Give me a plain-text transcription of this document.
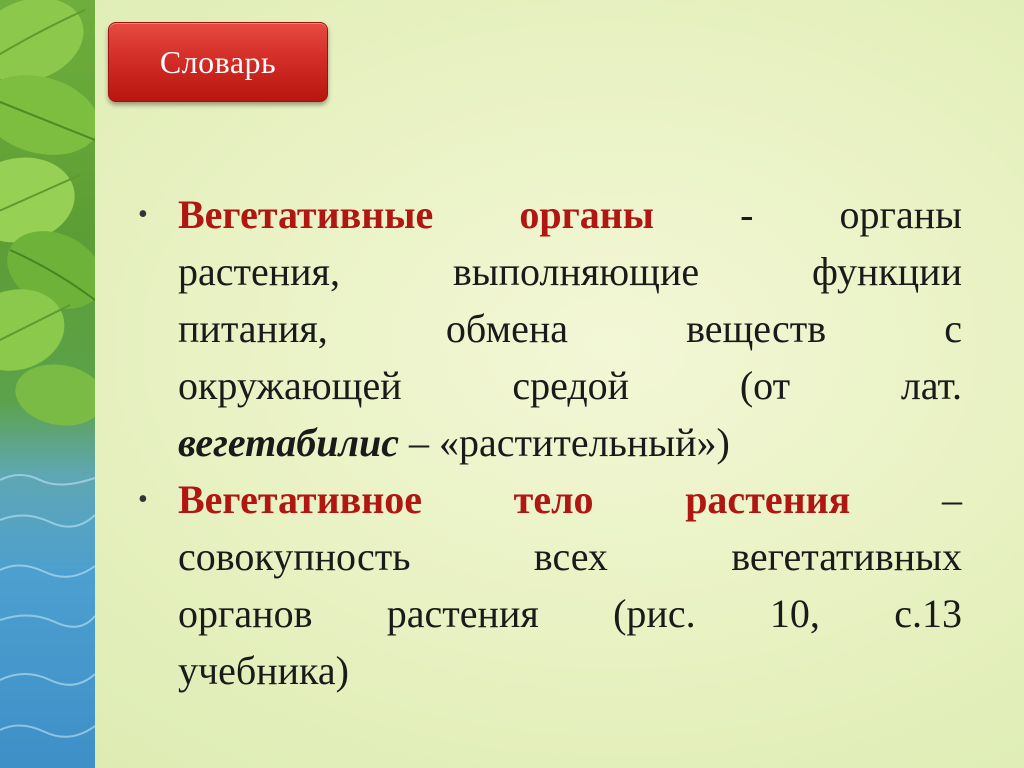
Словарь
• Вегетативные органы - органы
растения, выполняющие функции
питания, обмена веществ с
окружающей средой (от лат.
вегетабилис – «растительный»)
• Вегетативное тело растения –
совокупность всех вегетативных
органов растения (рис. 10, с.13
учебника)
